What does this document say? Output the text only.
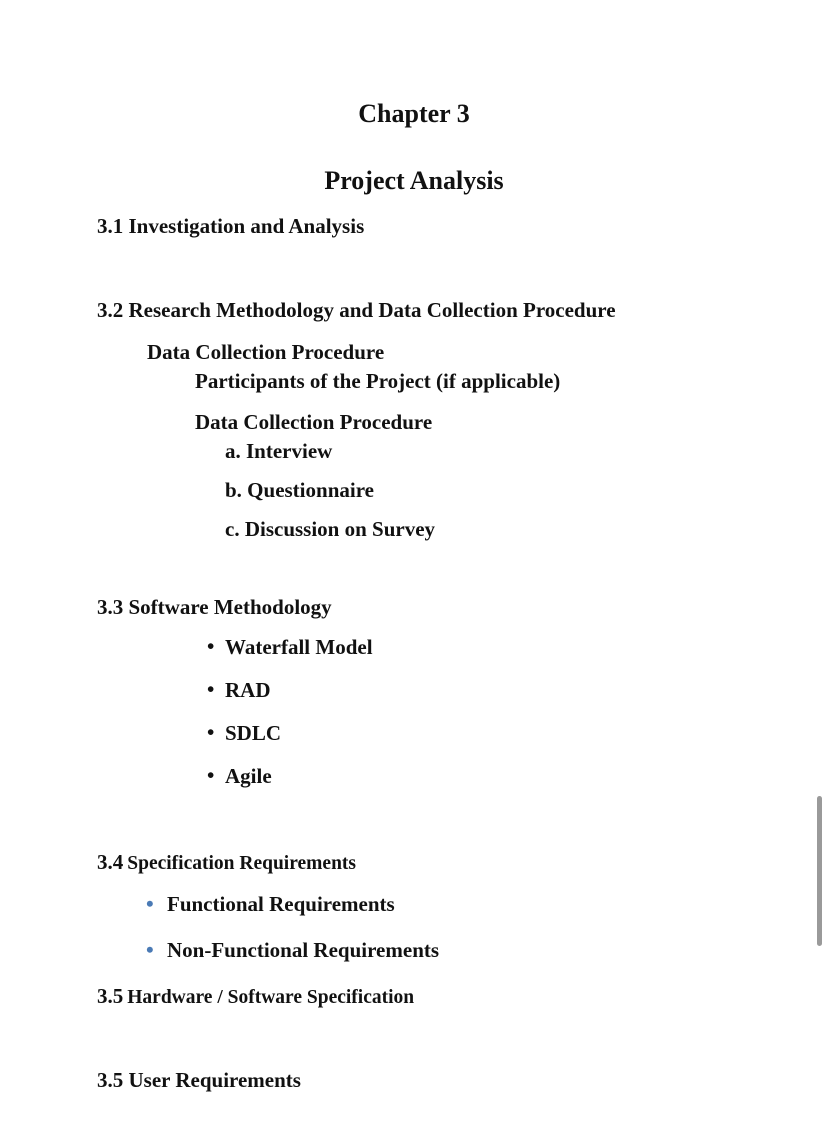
Chapter 3
Project Analysis
3.1 Investigation and Analysis
3.2 Research Methodology and Data Collection Procedure
Data Collection Procedure
Participants of the Project (if applicable)
Data Collection Procedure
a. Interview
b. Questionnaire
c. Discussion on Survey
3.3 Software Methodology
• Waterfall Model
• RAD
• SDLC
• Agile
3.4 Specification Requirements
• Functional Requirements
• Non-Functional Requirements
3.5 Hardware / Software Specification
3.5 User Requirements
